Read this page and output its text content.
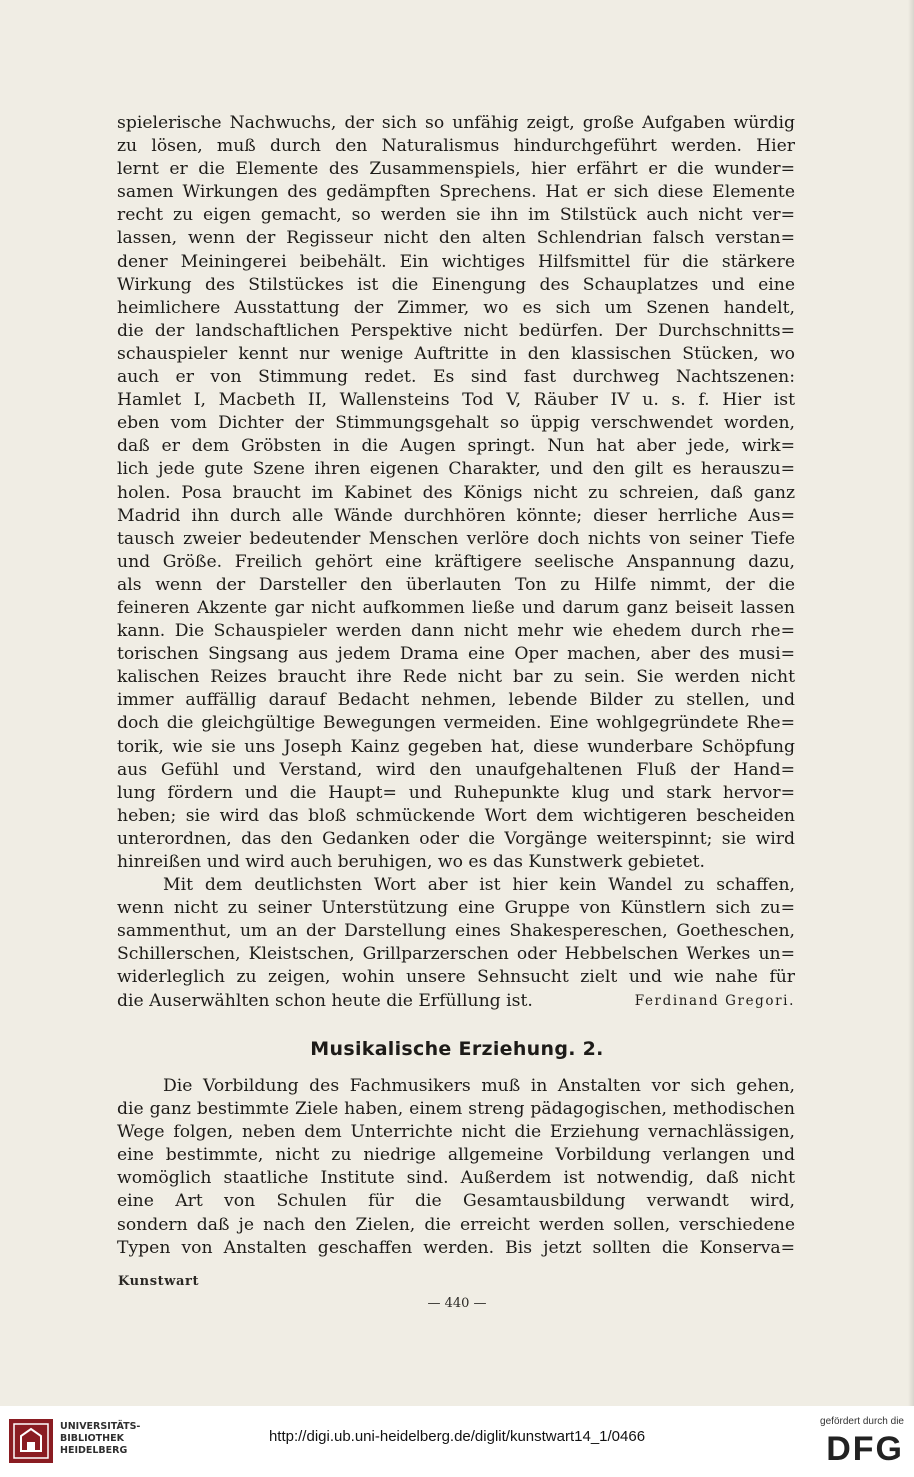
spielerische Nachwuchs, der sich so unfähig zeigt, große Aufgaben würdig
zu lösen, muß durch den Naturalismus hindurchgeführt werden. Hier
lernt er die Elemente des Zusammenspiels, hier erfährt er die wunder=
samen Wirkungen des gedämpften Sprechens. Hat er sich diese Elemente
recht zu eigen gemacht, so werden sie ihn im Stilstück auch nicht ver=
lassen, wenn der Regisseur nicht den alten Schlendrian falsch verstan=
dener Meiningerei beibehält. Ein wichtiges Hilfsmittel für die stärkere
Wirkung des Stilstückes ist die Einengung des Schauplatzes und eine
heimlichere Ausstattung der Zimmer, wo es sich um Szenen handelt,
die der landschaftlichen Perspektive nicht bedürfen. Der Durchschnitts=
schauspieler kennt nur wenige Auftritte in den klassischen Stücken, wo
auch er von Stimmung redet. Es sind fast durchweg Nachtszenen:
Hamlet I, Macbeth II, Wallensteins Tod V, Räuber IV u. s. f. Hier ist
eben vom Dichter der Stimmungsgehalt so üppig verschwendet worden,
daß er dem Gröbsten in die Augen springt. Nun hat aber jede, wirk=
lich jede gute Szene ihren eigenen Charakter, und den gilt es herauszu=
holen. Posa braucht im Kabinet des Königs nicht zu schreien, daß ganz
Madrid ihn durch alle Wände durchhören könnte; dieser herrliche Aus=
tausch zweier bedeutender Menschen verlöre doch nichts von seiner Tiefe
und Größe. Freilich gehört eine kräftigere seelische Anspannung dazu,
als wenn der Darsteller den überlauten Ton zu Hilfe nimmt, der die
feineren Akzente gar nicht aufkommen ließe und darum ganz beiseit lassen
kann. Die Schauspieler werden dann nicht mehr wie ehedem durch rhe=
torischen Singsang aus jedem Drama eine Oper machen, aber des musi=
kalischen Reizes braucht ihre Rede nicht bar zu sein. Sie werden nicht
immer auffällig darauf Bedacht nehmen, lebende Bilder zu stellen, und
doch die gleichgültige Bewegungen vermeiden. Eine wohlgegründete Rhe=
torik, wie sie uns Joseph Kainz gegeben hat, diese wunderbare Schöpfung
aus Gefühl und Verstand, wird den unaufgehaltenen Fluß der Hand=
lung fördern und die Haupt= und Ruhepunkte klug und stark hervor=
heben; sie wird das bloß schmückende Wort dem wichtigeren bescheiden
unterordnen, das den Gedanken oder die Vorgänge weiterspinnt; sie wird
hinreißen und wird auch beruhigen, wo es das Kunstwerk gebietet.
Mit dem deutlichsten Wort aber ist hier kein Wandel zu schaffen,
wenn nicht zu seiner Unterstützung eine Gruppe von Künstlern sich zu=
sammenthut, um an der Darstellung eines Shakespereschen, Goetheschen,
Schillerschen, Kleistschen, Grillparzerschen oder Hebbelschen Werkes un=
widerleglich zu zeigen, wohin unsere Sehnsucht zielt und wie nahe für
die Auserwählten schon heute die Erfüllung ist.	Ferdinand Gregori.
Musikalische Erziehung. 2.
Die Vorbildung des Fachmusikers muß in Anstalten vor sich gehen,
die ganz bestimmte Ziele haben, einem streng pädagogischen, methodischen
Wege folgen, neben dem Unterrichte nicht die Erziehung vernachlässigen,
eine bestimmte, nicht zu niedrige allgemeine Vorbildung verlangen und
womöglich staatliche Institute sind. Außerdem ist notwendig, daß nicht
eine Art von Schulen für die Gesamtausbildung verwandt wird,
sondern daß je nach den Zielen, die erreicht werden sollen, verschiedene
Typen von Anstalten geschaffen werden. Bis jetzt sollten die Konserva=
Kunstwart
— 440 —
UNIVERSITÄTS-
BIBLIOTHEK
HEIDELBERG
http://digi.ub.uni-heidelberg.de/diglit/kunstwart14_1/0466
gefördert durch die
DFG
